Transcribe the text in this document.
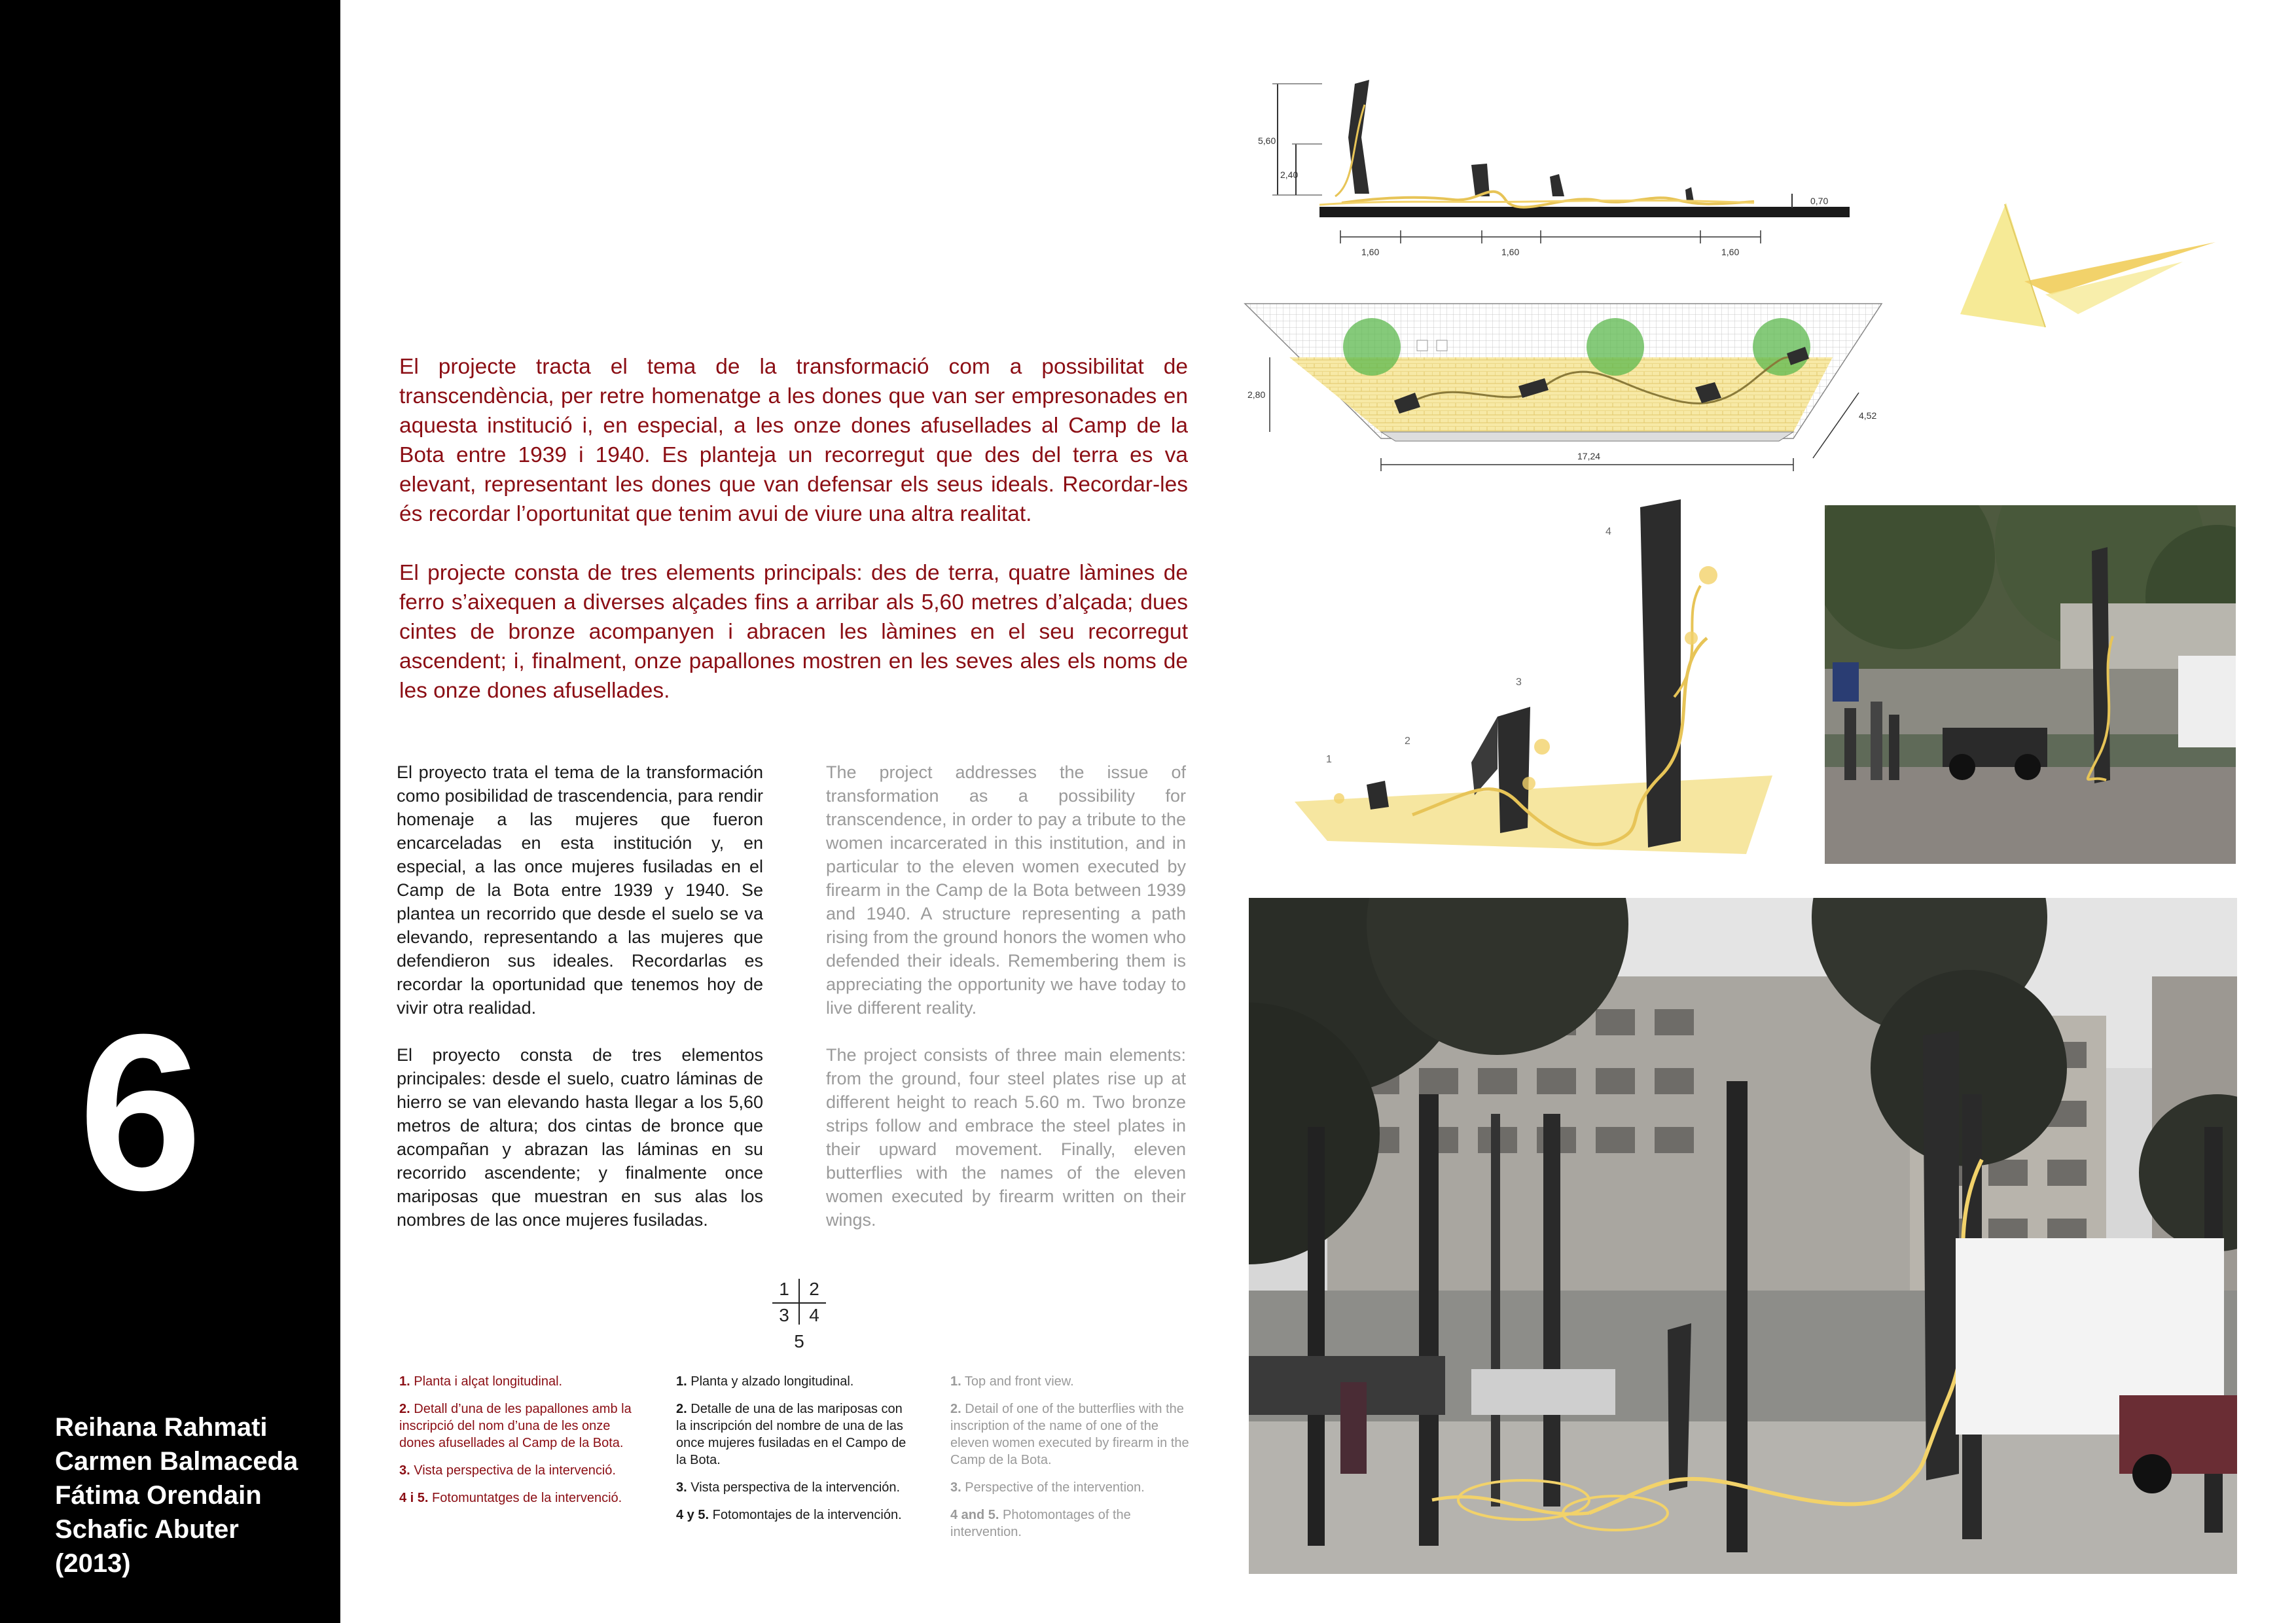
6
Reihana Rahmati
Carmen Balmaceda
Fátima Orendain
Schafic Abuter
(2013)

El projecte tracta el tema de la transformació com a possibilitat de transcendència, per retre homenatge a les dones que van ser empresonades en aquesta institució i, en especial, a les onze dones afusellades al Camp de la Bota entre 1939 i 1940. Es planteja un recorregut que des del terra es va elevant, representant les dones que van defensar els seus ideals. Recordar-les és recordar l’oportunitat que tenim avui de viure una altra realitat.

El projecte consta de tres elements principals: des de terra, quatre làmines de ferro s’aixequen a diverses alçades fins a arribar als 5,60 metres d’alçada; dues cintes de bronze acompanyen i abracen les làmines en el seu recorregut ascendent; i, finalment, onze papallones mostren en les seves ales els noms de les onze dones afusellades.

El proyecto trata el tema de la transformación como posibilidad de trascendencia, para rendir homenaje a las mujeres que fueron encarceladas en esta institución y, en especial, a las once mujeres fusiladas en el Camp de la Bota entre 1939 y 1940. Se plantea un recorrido que desde el suelo se va elevando, representando a las mujeres que defendieron sus ideales. Recordarlas es recordar la oportunidad que tenemos hoy de vivir otra realidad.

El proyecto consta de tres elementos principales: desde el suelo, cuatro láminas de hierro se van elevando hasta llegar a los 5,60 metros de altura; dos cintas de bronce que acompañan y abrazan las láminas en su recorrido ascendente; y finalmente once mariposas que muestran en sus alas los nombres de las once mujeres fusiladas.

The project addresses the issue of transformation as a possibility for transcendence, in order to pay a tribute to the women incarcerated in this institution, and in particular to the eleven women executed by firearm in the Camp de la Bota between 1939 and 1940. A structure representing a path rising from the ground honors the women who defended their ideals. Remembering them is appreciating the opportunity we have today to live different reality.

The project consists of three main elements: from the ground, four steel plates rise up at different height to reach 5.60 m. Two bronze strips follow and embrace the steel plates in their upward movement. Finally, eleven butterflies with the names of the eleven women executed by firearm written on their wings.

1	2
3	4
5

1. Planta i alçat longitudinal.

2. Detall d’una de les papallones amb la inscripció del nom d’una de les onze dones afusellades al Camp de la Bota.

3. Vista perspectiva de la intervenció.

4 i 5. Fotomuntatges de la intervenció.

1. Planta y alzado longitudinal.

2. Detalle de una de las mariposas con la inscripción del nombre de una de las once mujeres fusiladas en el Campo de la Bota.

3. Vista perspectiva de la intervención.

4 y 5. Fotomontajes de la intervención.

1. Top and front view.

2. Detail of one of the butterflies with the inscription of the name of one of the eleven women executed by firearm in the Camp de la Bota.

3. Perspective of the intervention.

4 and 5. Photomontages of the intervention.

5,60
2,40
0,70
1,60	1,60	1,60
2,80
17,24
4,52
1
2
3
4
